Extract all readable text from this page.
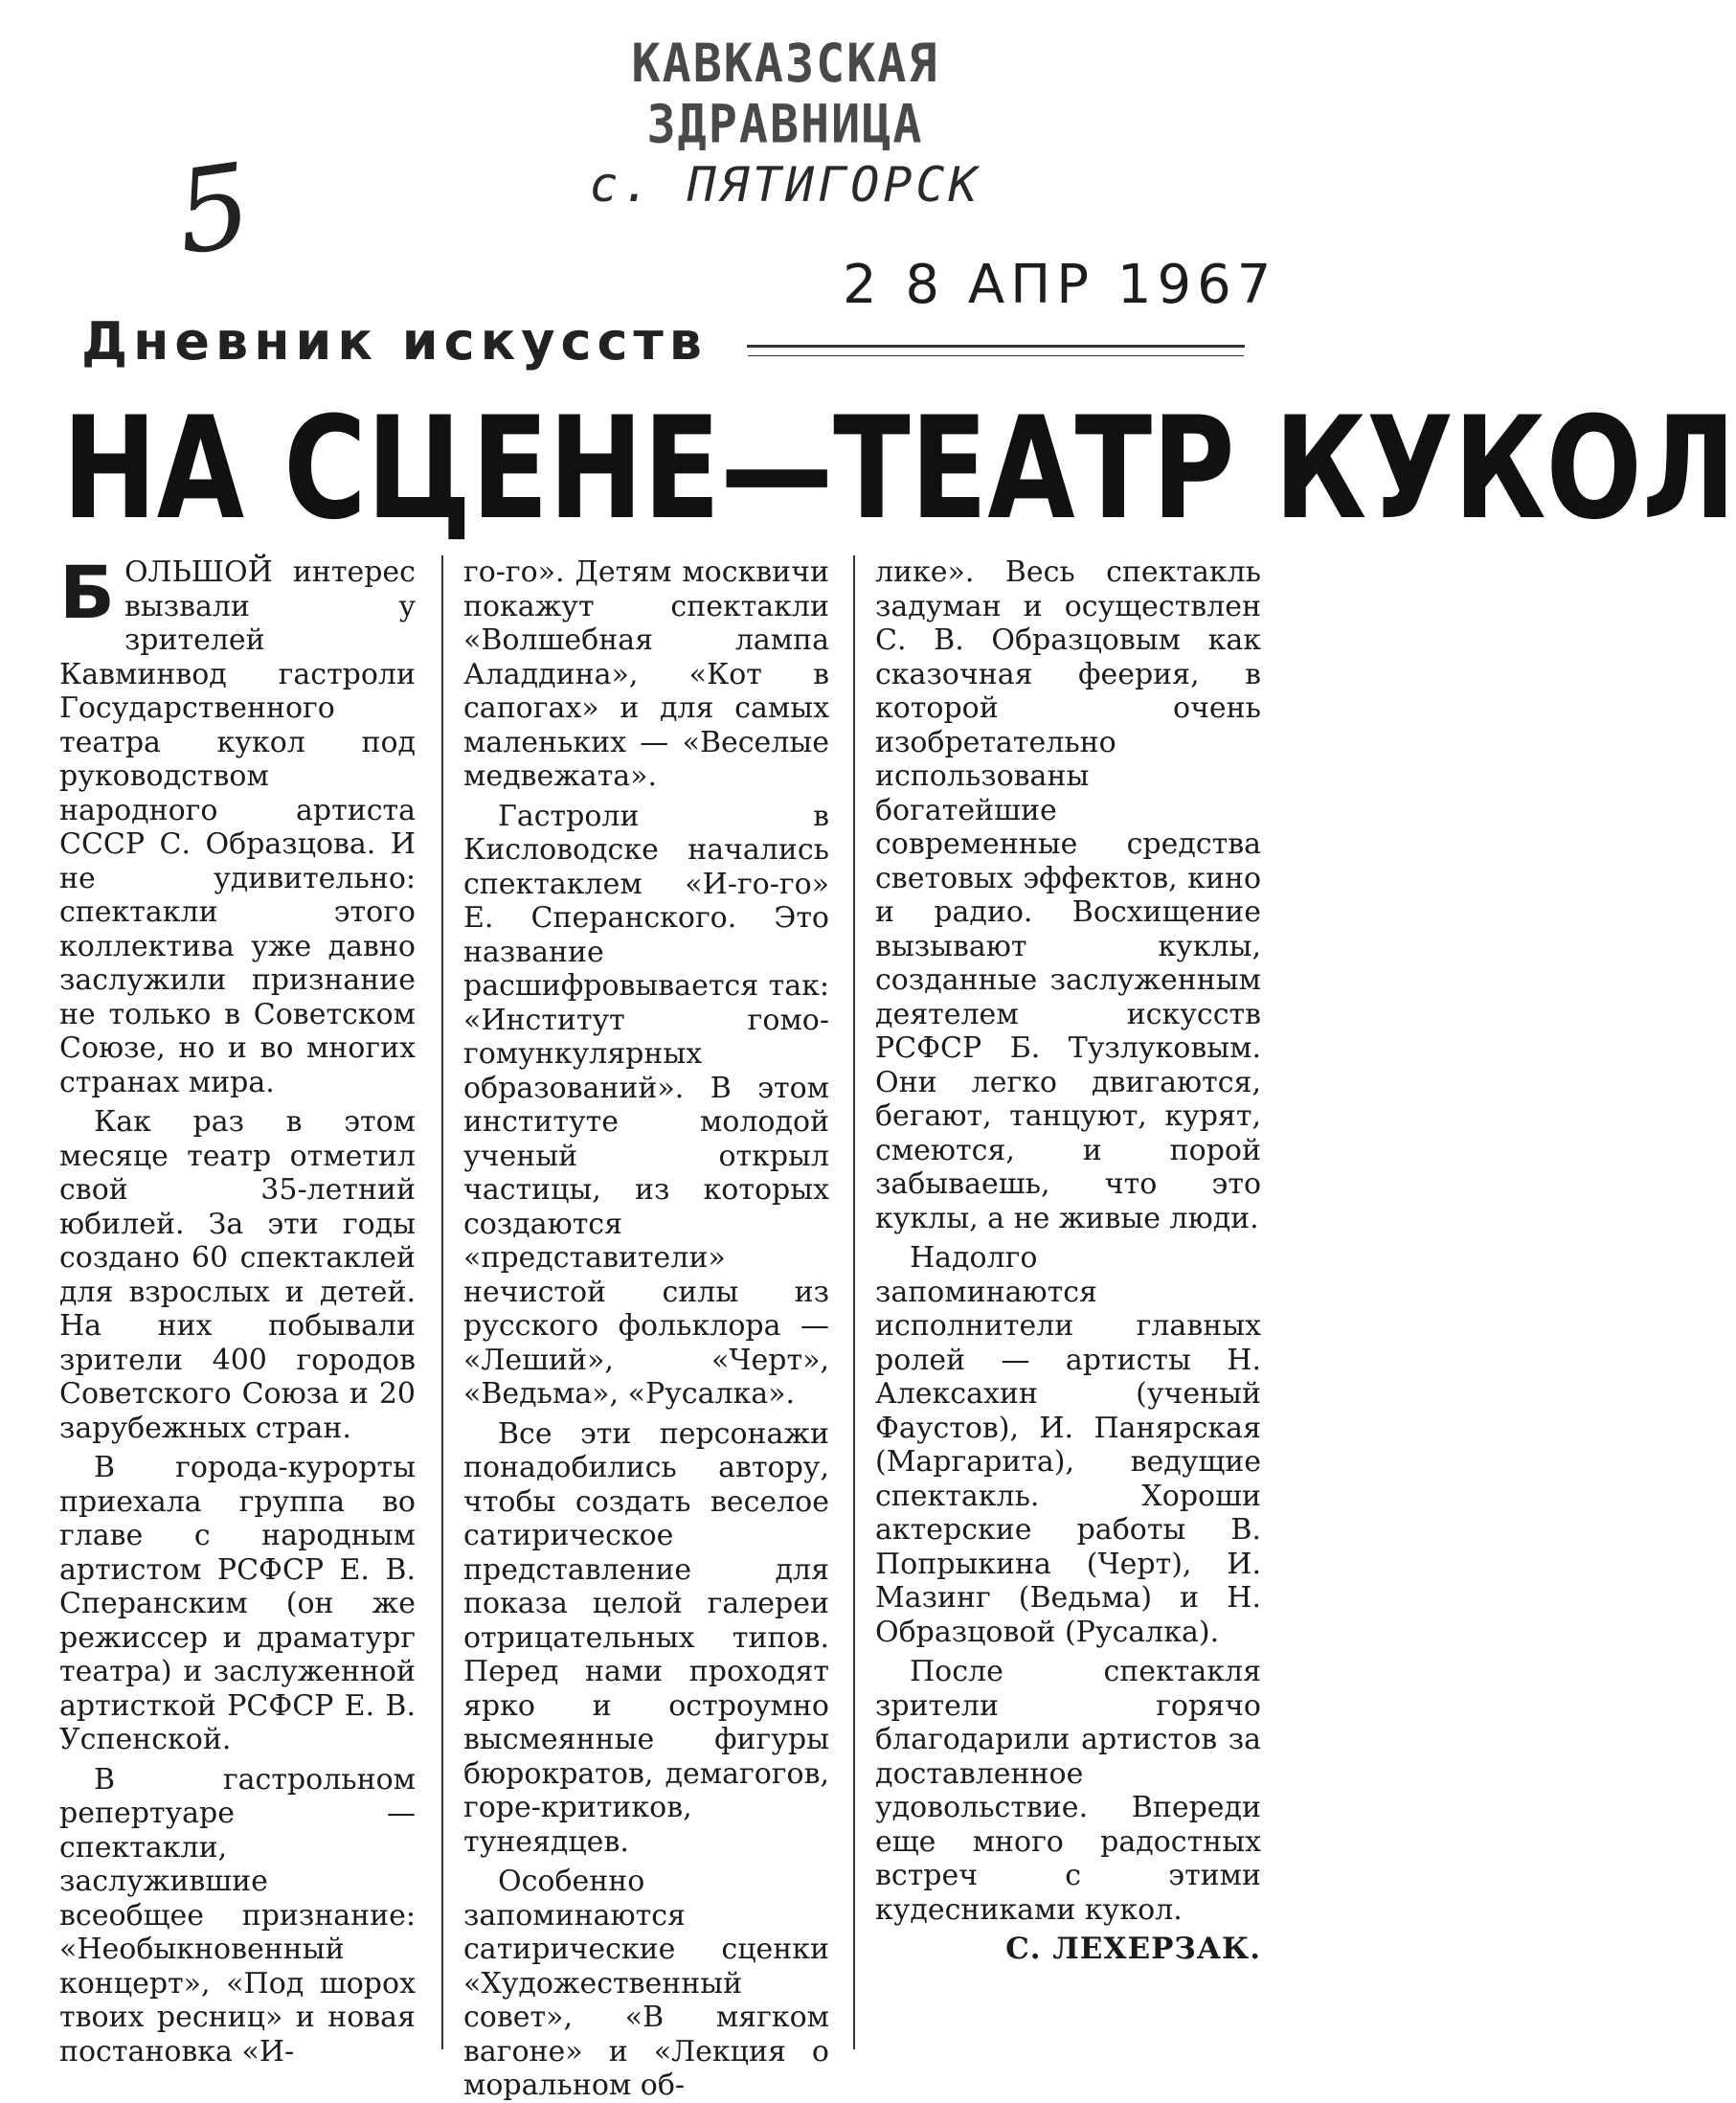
КАВКАЗСКАЯ ЗДРАВНИЦА
с. ПЯТИГОРСК
5
2 8 АПР 1967
Дневник искусств
НА СЦЕНЕ—ТЕАТР КУКОЛ

БОЛЬШОЙ интерес вызвали у зрителей Кавминвод гастроли Государственного театра кукол под руководством народного артиста СССР С. Образцова. И не удивительно: спектакли этого коллектива уже давно заслужили признание не только в Советском Союзе, но и во многих странах мира.

Как раз в этом месяце театр отметил свой 35-летний юбилей. За эти годы создано 60 спектаклей для взрослых и детей. На них побывали зрители 400 городов Советского Союза и 20 зарубежных стран.

В города-курорты приехала группа во главе с народным артистом РСФСР Е. В. Сперанским (он же режиссер и драматург театра) и заслуженной артисткой РСФСР Е. В. Успенской.

В гастрольном репертуаре — спектакли, заслужившие всеобщее признание: «Необыкновенный концерт», «Под шорох твоих ресниц» и новая постановка «И-

го-го». Детям москвичи покажут спектакли «Волшебная лампа Аладдина», «Кот в сапогах» и для самых маленьких — «Веселые медвежата».

Гастроли в Кисловодске начались спектаклем «И-го-го» Е. Сперанского. Это название расшифровывается так: «Институт гомо-гомункулярных образований». В этом институте молодой ученый открыл частицы, из которых создаются «представители» нечистой силы из русского фольклора — «Леший», «Черт», «Ведьма», «Русалка».

Все эти персонажи понадобились автору, чтобы создать веселое сатирическое представление для показа целой галереи отрицательных типов. Перед нами проходят ярко и остроумно высмеянные фигуры бюрократов, демагогов, горе-критиков, тунеядцев.

Особенно запоминаются сатирические сценки «Художественный совет», «В мягком вагоне» и «Лекция о моральном об-

лике». Весь спектакль задуман и осуществлен С. В. Образцовым как сказочная феерия, в которой очень изобретательно использованы богатейшие современные средства световых эффектов, кино и радио. Восхищение вызывают куклы, созданные заслуженным деятелем искусств РСФСР Б. Тузлуковым. Они легко двигаются, бегают, танцуют, курят, смеются, и порой забываешь, что это куклы, а не живые люди.

Надолго запоминаются исполнители главных ролей — артисты Н. Алексахин (ученый Фаустов), И. Панярская (Маргарита), ведущие спектакль. Хороши актерские работы В. Попрыкина (Черт), И. Мазинг (Ведьма) и Н. Образцовой (Русалка).

После спектакля зрители горячо благодарили артистов за доставленное удовольствие. Впереди еще много радостных встреч с этими кудесниками кукол.

С. ЛЕХЕРЗАК.
